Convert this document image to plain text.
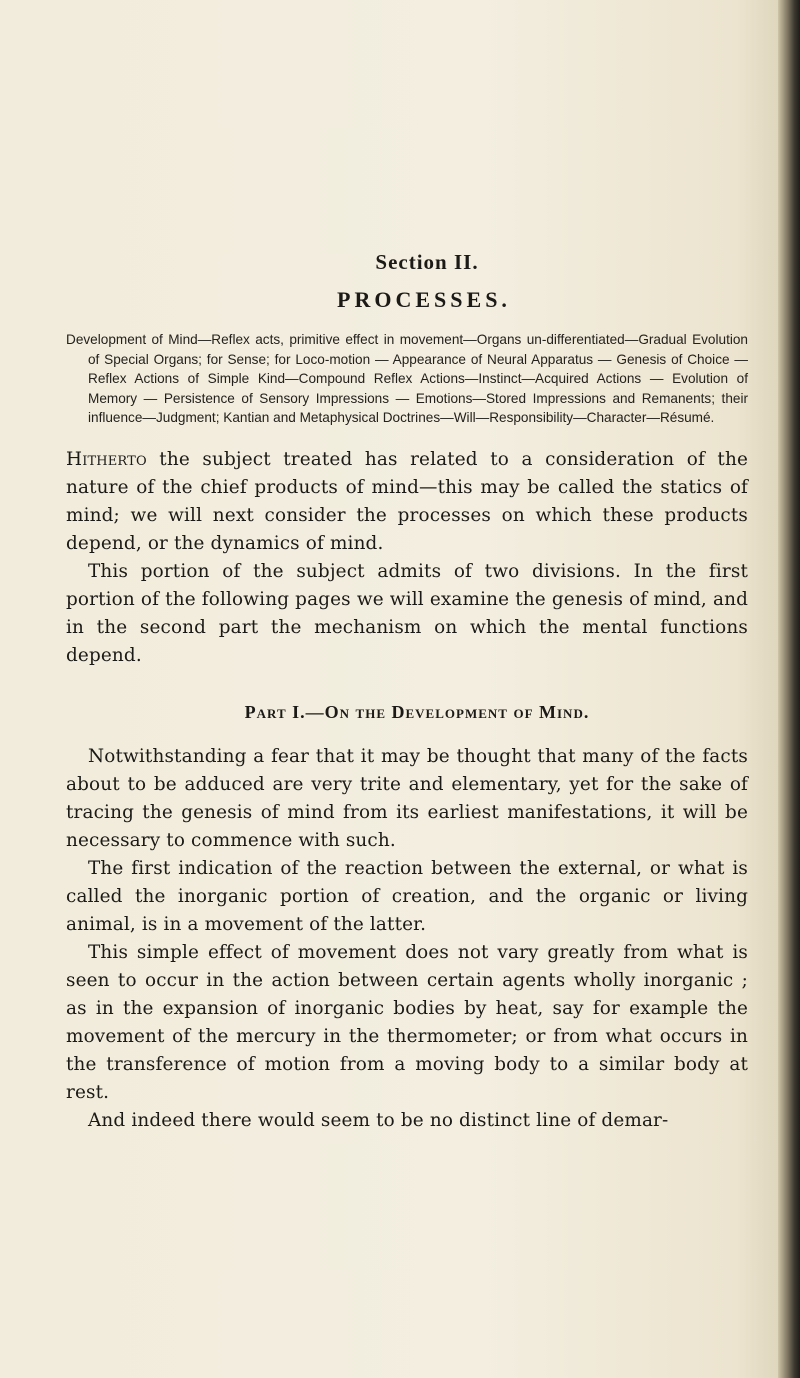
Section II.
PROCESSES.

Development of Mind—Reflex acts, primitive effect in movement—Organs un-differentiated—Gradual Evolution of Special Organs; for Sense; for Loco-motion — Appearance of Neural Apparatus — Genesis of Choice — Reflex Actions of Simple Kind—Compound Reflex Actions—Instinct—Acquired Actions — Evolution of Memory — Persistence of Sensory Impressions — Emotions—Stored Impressions and Remanents; their influence—Judgment; Kantian and Metaphysical Doctrines—Will—Responsibility—Character—Résumé.

Hitherto the subject treated has related to a consideration of the nature of the chief products of mind—this may be called the statics of mind; we will next consider the processes on which these products depend, or the dynamics of mind.

This portion of the subject admits of two divisions. In the first portion of the following pages we will examine the genesis of mind, and in the second part the mechanism on which the mental functions depend.

Part I.—On the Development of Mind.

Notwithstanding a fear that it may be thought that many of the facts about to be adduced are very trite and elementary, yet for the sake of tracing the genesis of mind from its earliest manifestations, it will be necessary to commence with such.

The first indication of the reaction between the external, or what is called the inorganic portion of creation, and the organic or living animal, is in a movement of the latter.

This simple effect of movement does not vary greatly from what is seen to occur in the action between certain agents wholly inorganic ; as in the expansion of inorganic bodies by heat, say for example the movement of the mercury in the thermometer; or from what occurs in the transference of motion from a moving body to a similar body at rest.

And indeed there would seem to be no distinct line of demar-
